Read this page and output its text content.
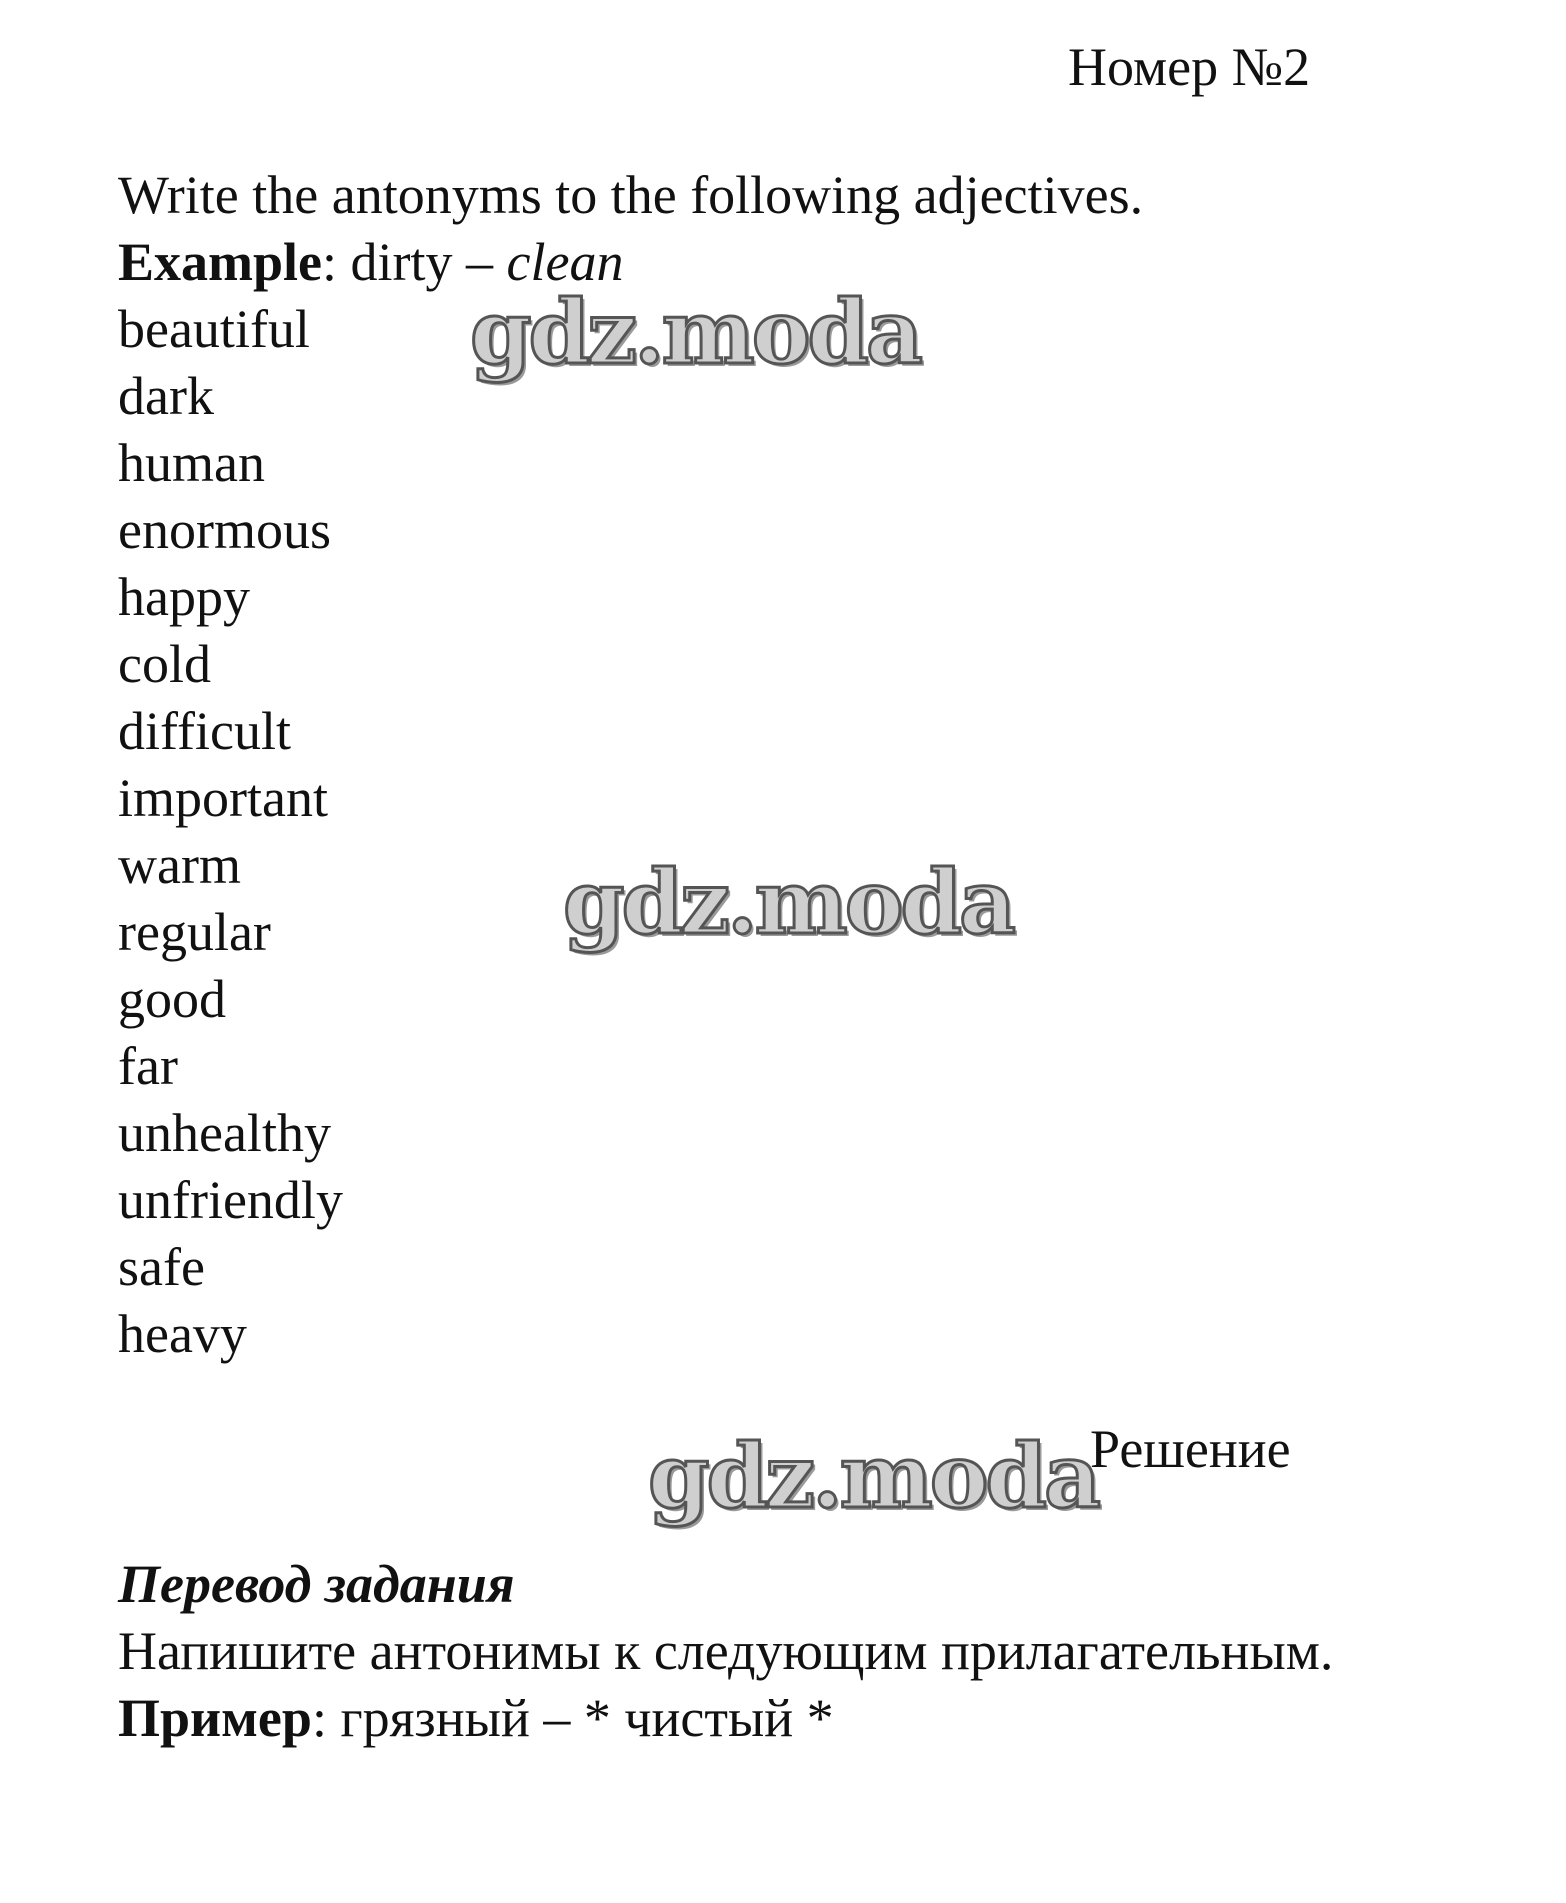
Номер №2
Write the antonyms to the following adjectives.
Example: dirty – clean
beautiful
dark
human
enormous
happy
cold
difficult
important
warm
regular
good
far
unhealthy
unfriendly
safe
heavy
gdz.moda
gdz.moda
gdz.moda
Решение
Перевод задания
Напишите антонимы к следующим прилагательным.
Пример: грязный – * чистый *
